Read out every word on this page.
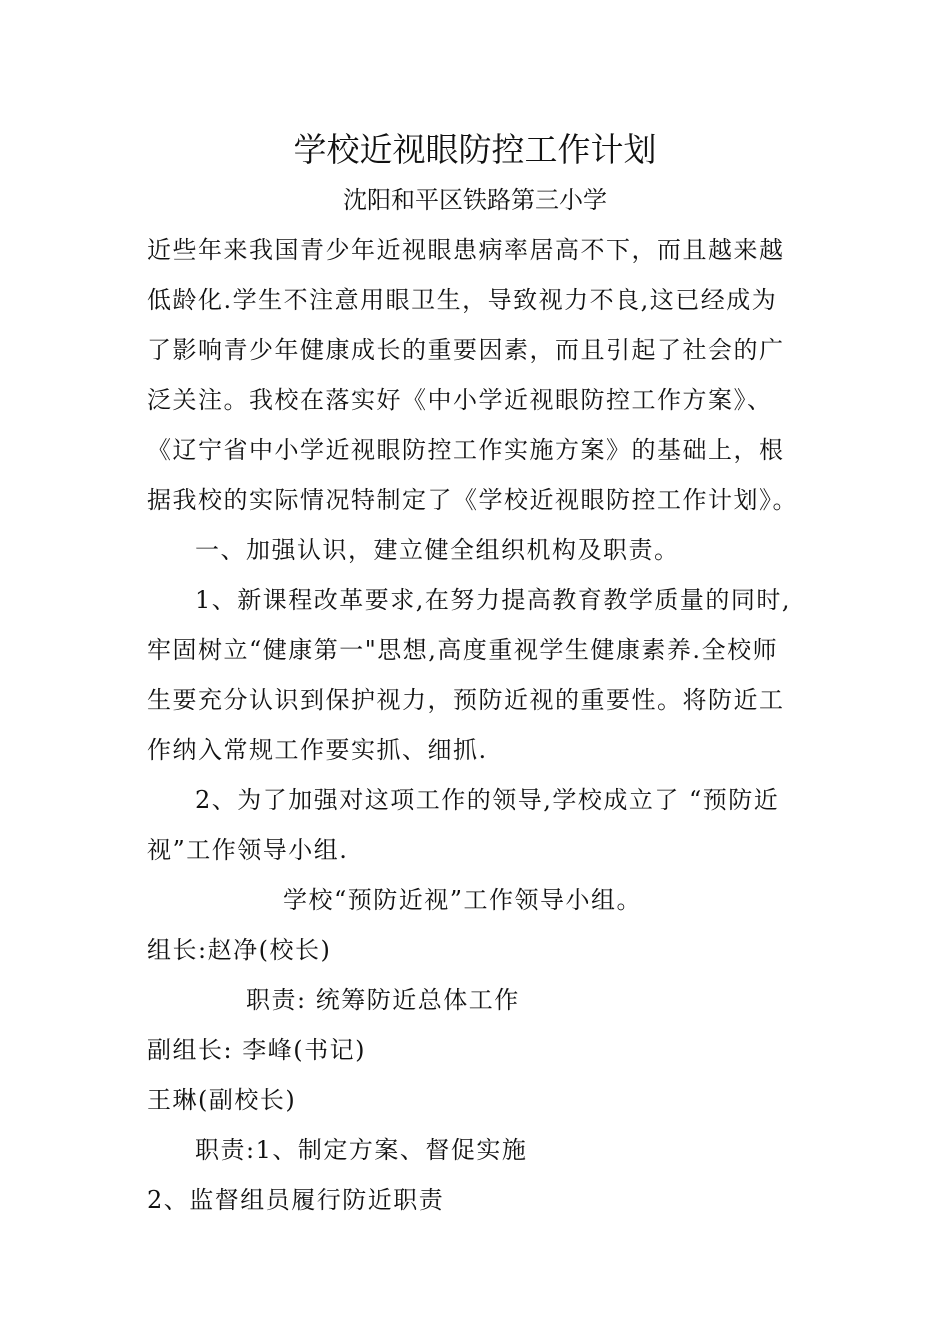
学校近视眼防控工作计划
沈阳和平区铁路第三小学
近些年来我国青少年近视眼患病率居高不下，而且越来越
低龄化.学生不注意用眼卫生，导致视力不良,这已经成为
了影响青少年健康成长的重要因素，而且引起了社会的广
泛关注。我校在落实好《中小学近视眼防控工作方案》、
《辽宁省中小学近视眼防控工作实施方案》的基础上，根
据我校的实际情况特制定了《学校近视眼防控工作计划》。
一、加强认识，建立健全组织机构及职责。
1、新课程改革要求,在努力提高教育教学质量的同时,
牢固树立“健康第一"思想,高度重视学生健康素养.全校师
生要充分认识到保护视力，预防近视的重要性。将防近工
作纳入常规工作要实抓、细抓.
2、为了加强对这项工作的领导,学校成立了 “预防近
视”工作领导小组.
学校“预防近视”工作领导小组。
组长:赵净(校长)
职责: 统筹防近总体工作
副组长: 李峰(书记)
王琳(副校长)
职责:1、制定方案、督促实施
2、监督组员履行防近职责
